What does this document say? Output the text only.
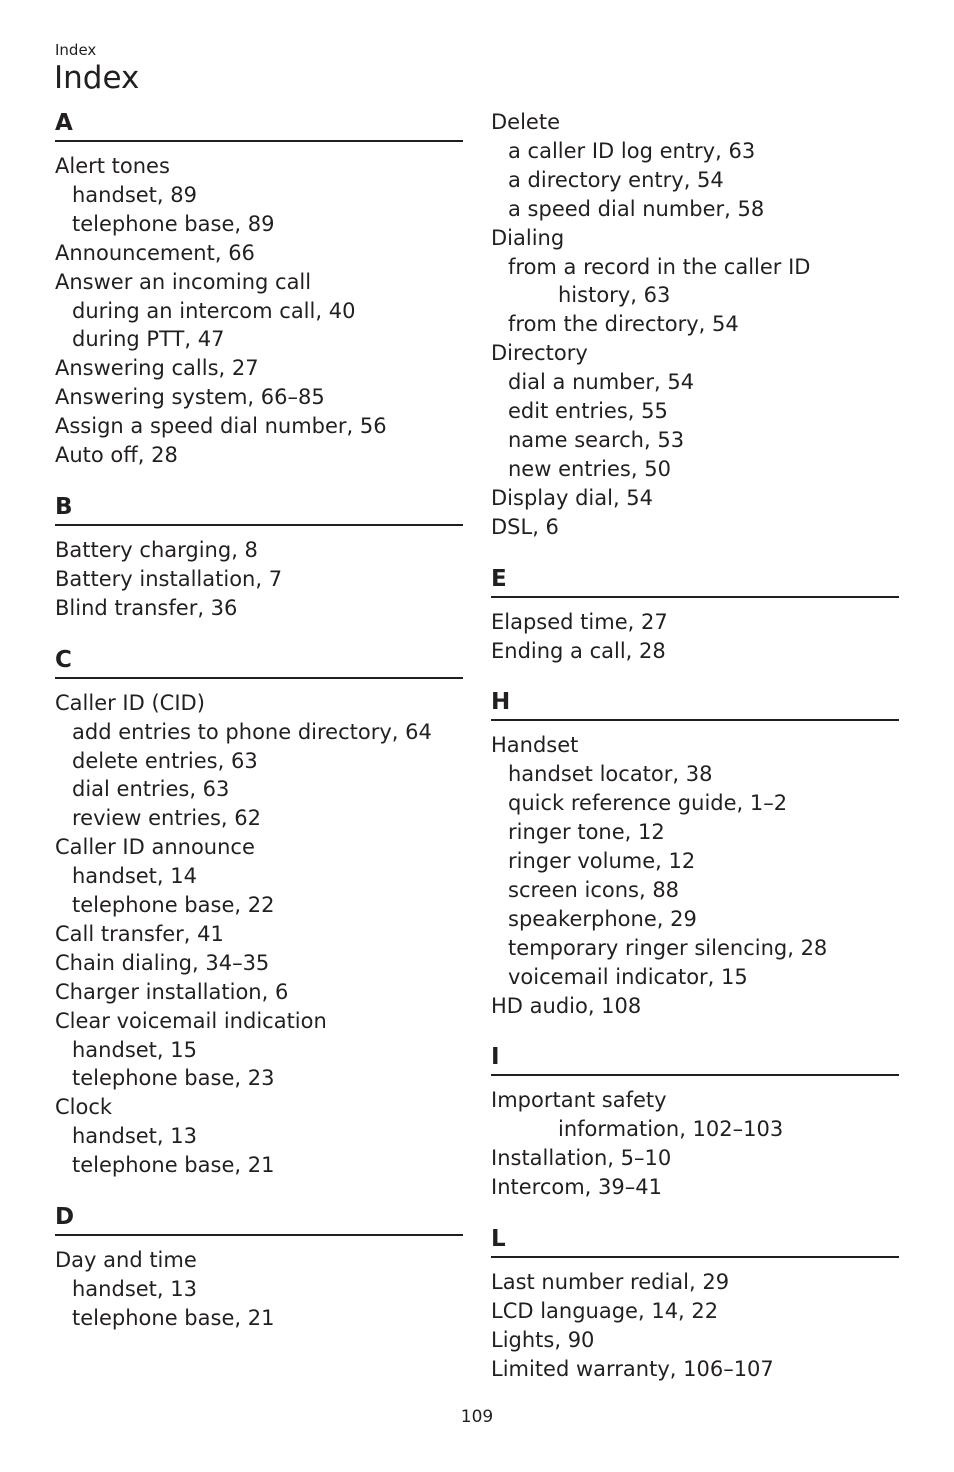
Index
Index
A
Alert tones
handset, 89
telephone base, 89
Announcement, 66
Answer an incoming call
during an intercom call, 40
during PTT, 47
Answering calls, 27
Answering system, 66–85
Assign a speed dial number, 56
Auto off, 28
B
Battery charging, 8
Battery installation, 7
Blind transfer, 36
C
Caller ID (CID)
add entries to phone directory, 64
delete entries, 63
dial entries, 63
review entries, 62
Caller ID announce
handset, 14
telephone base, 22
Call transfer, 41
Chain dialing, 34–35
Charger installation, 6
Clear voicemail indication
handset, 15
telephone base, 23
Clock
handset, 13
telephone base, 21
D
Day and time
handset, 13
telephone base, 21
Delete
a caller ID log entry, 63
a directory entry, 54
a speed dial number, 58
Dialing
from a record in the caller ID
history, 63
from the directory, 54
Directory
dial a number, 54
edit entries, 55
name search, 53
new entries, 50
Display dial, 54
DSL, 6
E
Elapsed time, 27
Ending a call, 28
H
Handset
handset locator, 38
quick reference guide, 1–2
ringer tone, 12
ringer volume, 12
screen icons, 88
speakerphone, 29
temporary ringer silencing, 28
voicemail indicator, 15
HD audio, 108
I
Important safety
information, 102–103
Installation, 5–10
Intercom, 39–41
L
Last number redial, 29
LCD language, 14, 22
Lights, 90
Limited warranty, 106–107
109
